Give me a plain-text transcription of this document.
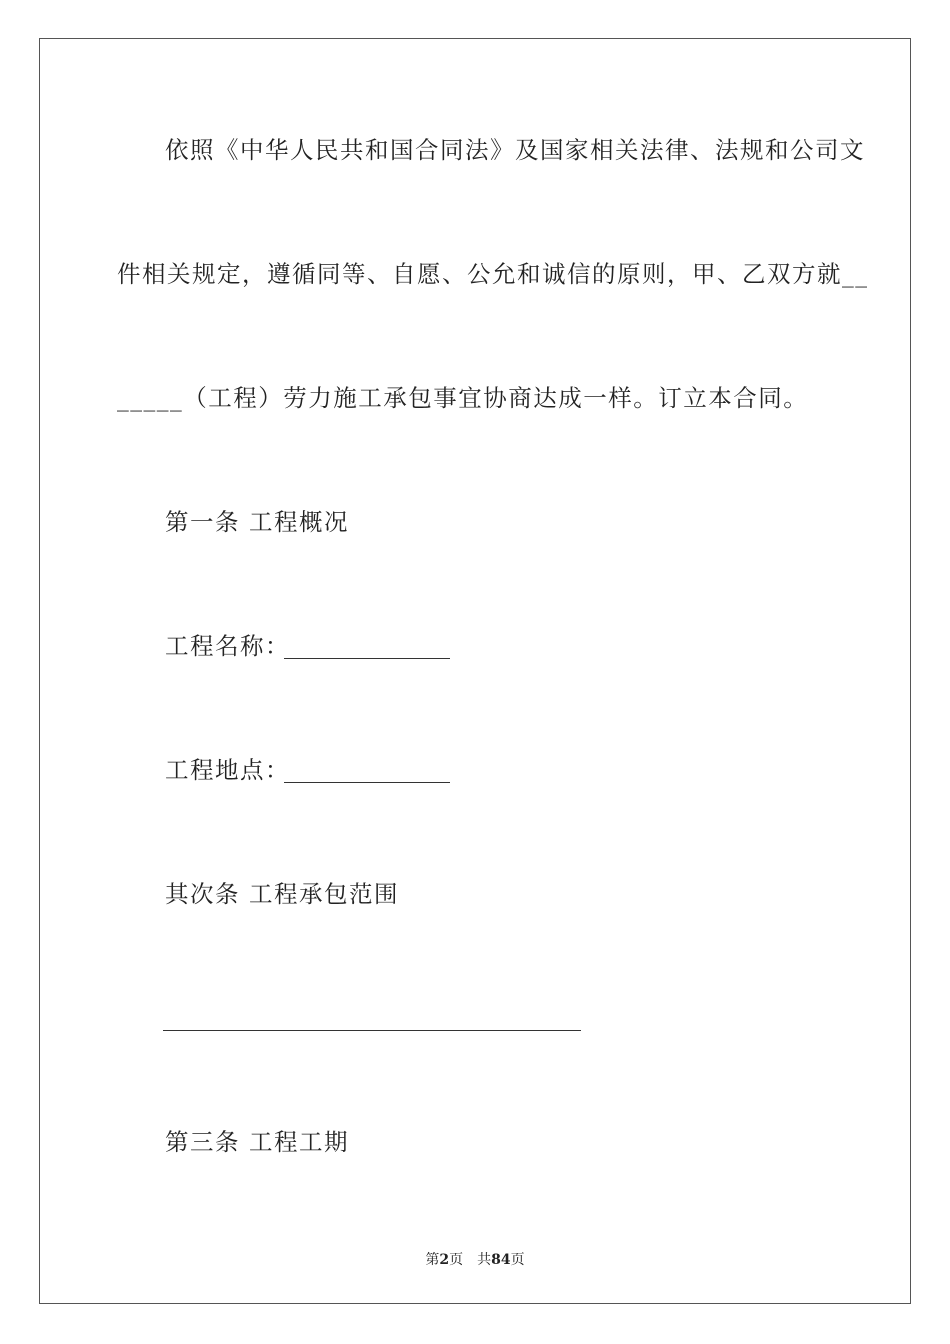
依照《中华人民共和国合同法》及国家相关法律、法规和公司文
件相关规定，遵循同等、自愿、公允和诚信的原则，甲、乙双方就__
_____（工程）劳力施工承包事宜协商达成一样。订立本合同。
第一条 工程概况
工程名称：
工程地点：
其次条 工程承包范围
第三条 工程工期
第2页　共84页
